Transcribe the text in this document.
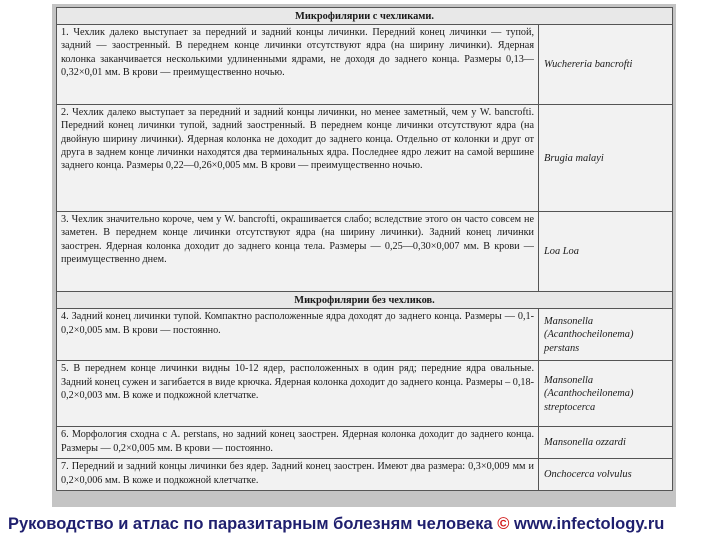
Микрофилярии с чехликами.	
1. Чехлик далеко выступает за передний и задний концы личинки. Передний конец личинки — тупой, задний — заостренный. В переднем конце личинки отсутствуют ядра (на ширину личинки). Ядерная колонка заканчивается несколькими удлиненными ядрами, не доходя до заднего конца. Размеры 0,13—0,32×0,01 мм. В крови — преимущественно ночью.	Wuchereria bancrofti
2. Чехлик далеко выступает за передний и задний концы личинки, но менее заметный, чем у W. bancrofti. Передний конец личинки тупой, задний заостренный. В переднем конце личинки отсутствуют ядра (на двойную ширину личинки). Ядерная колонка не доходит до заднего конца. Отдельно от колонки и друг от друга в заднем конце личинки находятся два терминальных ядра. Последнее ядро лежит на самой вершине заднего конца. Размеры 0,22—0,26×0,005 мм. В крови — преимущественно ночью.	Brugia malayi
3. Чехлик значительно короче, чем у W. bancrofti, окрашивается слабо; вследствие этого он часто совсем не заметен. В переднем конце личинки отсутствуют ядра (на ширину личинки). Задний конец личинки заострен. Ядерная колонка доходит до заднего конца тела. Размеры — 0,25—0,30×0,007 мм. В крови — преимущественно днем.	Loa Loa
Микрофилярии без чехликов.	
4. Задний конец личинки тупой. Компактно расположенные ядра доходят до заднего конца. Размеры — 0,1-0,2×0,005 мм. В крови — постоянно.	Mansonella (Acanthocheilonema) perstans
5. В переднем конце личинки видны 10-12 ядер, расположенных в один ряд; передние ядра овальные. Задний конец сужен и загибается в виде крючка. Ядерная колонка доходит до заднего конца. Размеры – 0,18-0,2×0,003 мм. В коже и подкожной клетчатке.	Mansonella (Acanthocheilonema) streptocerca
6. Морфология сходна с A. perstans, но задний конец заострен. Ядерная колонка доходит до заднего конца. Размеры — 0,2×0,005 мм. В крови — постоянно.	Mansonella ozzardi
7. Передний и задний концы личинки без ядер. Задний конец заострен. Имеют два размера: 0,3×0,009 мм и 0,2×0,006 мм. В коже и подкожной клетчатке.	Onchocerca volvulus
Руководство и атлас по паразитарным болезням человека © www.infectology.ru
